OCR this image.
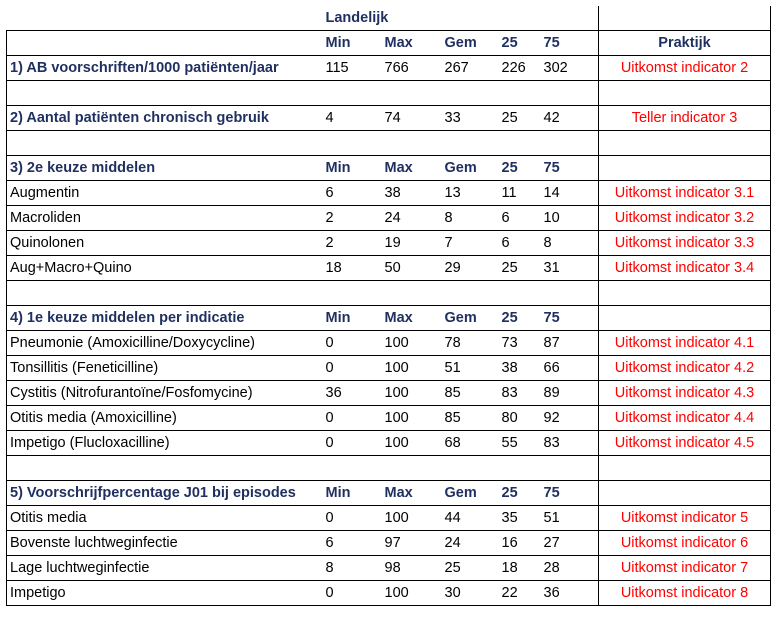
	Landelijk					
	Min	Max	Gem	25	75	Praktijk
1) AB voorschriften/1000 patiënten/jaar	115	766	267	226	302	Uitkomst indicator 2

2) Aantal patiënten chronisch gebruik	4	74	33	25	42	Teller indicator 3

3) 2e keuze middelen	Min	Max	Gem	25	75	
Augmentin	6	38	13	11	14	Uitkomst indicator 3.1
Macroliden	2	24	8	6	10	Uitkomst indicator 3.2
Quinolonen	2	19	7	6	8	Uitkomst indicator 3.3
Aug+Macro+Quino	18	50	29	25	31	Uitkomst indicator 3.4

4) 1e keuze middelen per indicatie	Min	Max	Gem	25	75	
Pneumonie (Amoxicilline/Doxycycline)	0	100	78	73	87	Uitkomst indicator 4.1
Tonsillitis (Feneticilline)	0	100	51	38	66	Uitkomst indicator 4.2
Cystitis (Nitrofurantoïne/Fosfomycine)	36	100	85	83	89	Uitkomst indicator 4.3
Otitis media (Amoxicilline)	0	100	85	80	92	Uitkomst indicator 4.4
Impetigo (Flucloxacilline)	0	100	68	55	83	Uitkomst indicator 4.5

5) Voorschrijfpercentage J01 bij episodes	Min	Max	Gem	25	75	
Otitis media	0	100	44	35	51	Uitkomst indicator 5
Bovenste luchtweginfectie	6	97	24	16	27	Uitkomst indicator 6
Lage luchtweginfectie	8	98	25	18	28	Uitkomst indicator 7
Impetigo	0	100	30	22	36	Uitkomst indicator 8
